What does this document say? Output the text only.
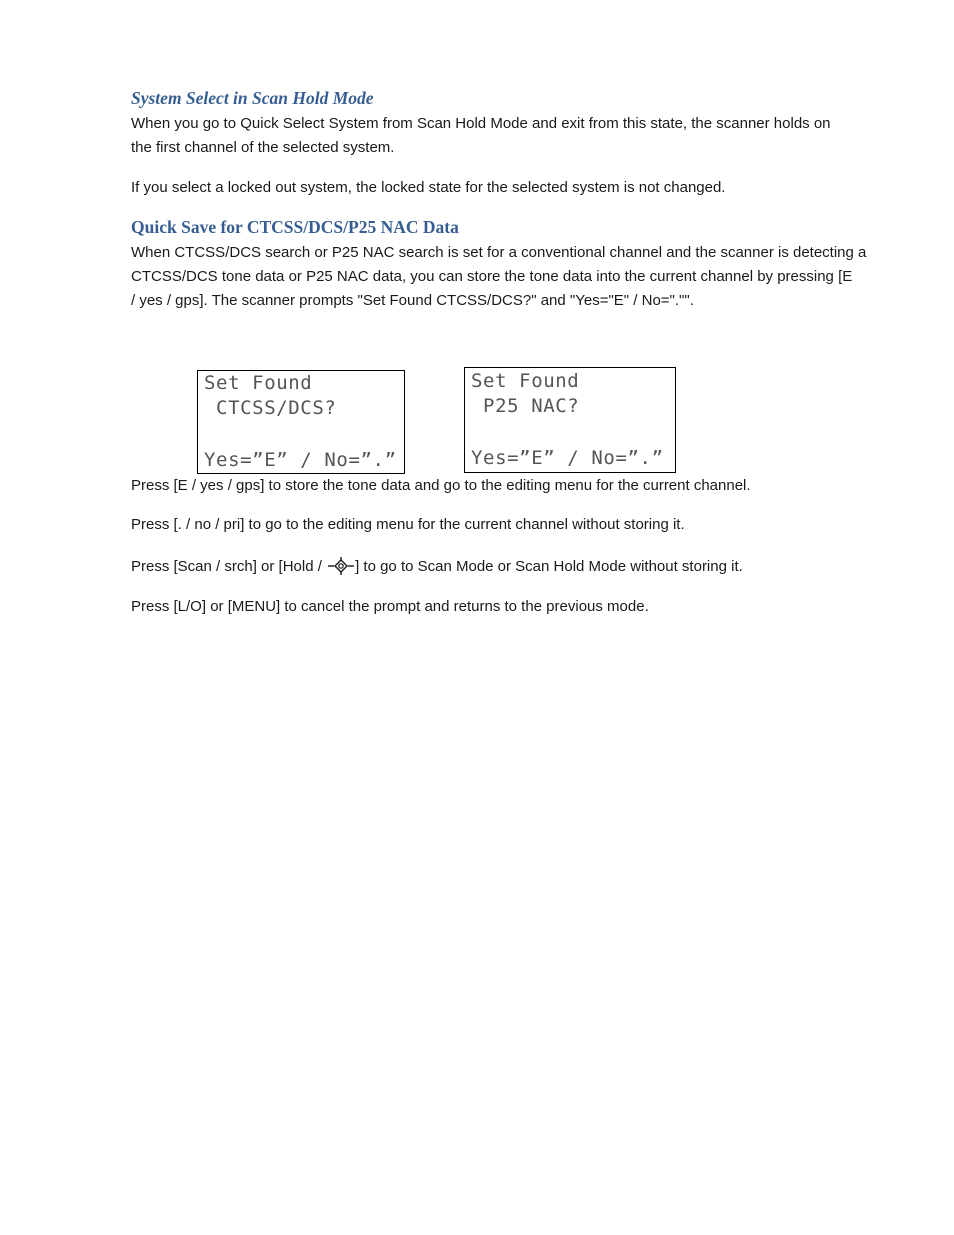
System Select in Scan Hold Mode

When you go to Quick Select System from Scan Hold Mode and exit from this state, the scanner holds on
the first channel of the selected system.

If you select a locked out system, the locked state for the selected system is not changed.

Quick Save for CTCSS/DCS/P25 NAC Data

When CTCSS/DCS search or P25 NAC search is set for a conventional channel and the scanner is detecting a
CTCSS/DCS tone data or P25 NAC data, you can store the tone data into the current channel by pressing [E
/ yes / gps]. The scanner prompts "Set Found CTCSS/DCS?" and "Yes="E" / No="."".

Set Found
CTCSS/DCS?
Yes=”E” / No=”.”
Set Found
P25 NAC?
Yes=”E” / No=”.”

Press [E / yes / gps] to store the tone data and go to the editing menu for the current channel.

Press [. / no / pri] to go to the editing menu for the current channel without storing it.

Press [Scan / srch] or [Hold / ] to go to Scan Mode or Scan Hold Mode without storing it.

Press [L/O] or [MENU] to cancel the prompt and returns to the previous mode.
